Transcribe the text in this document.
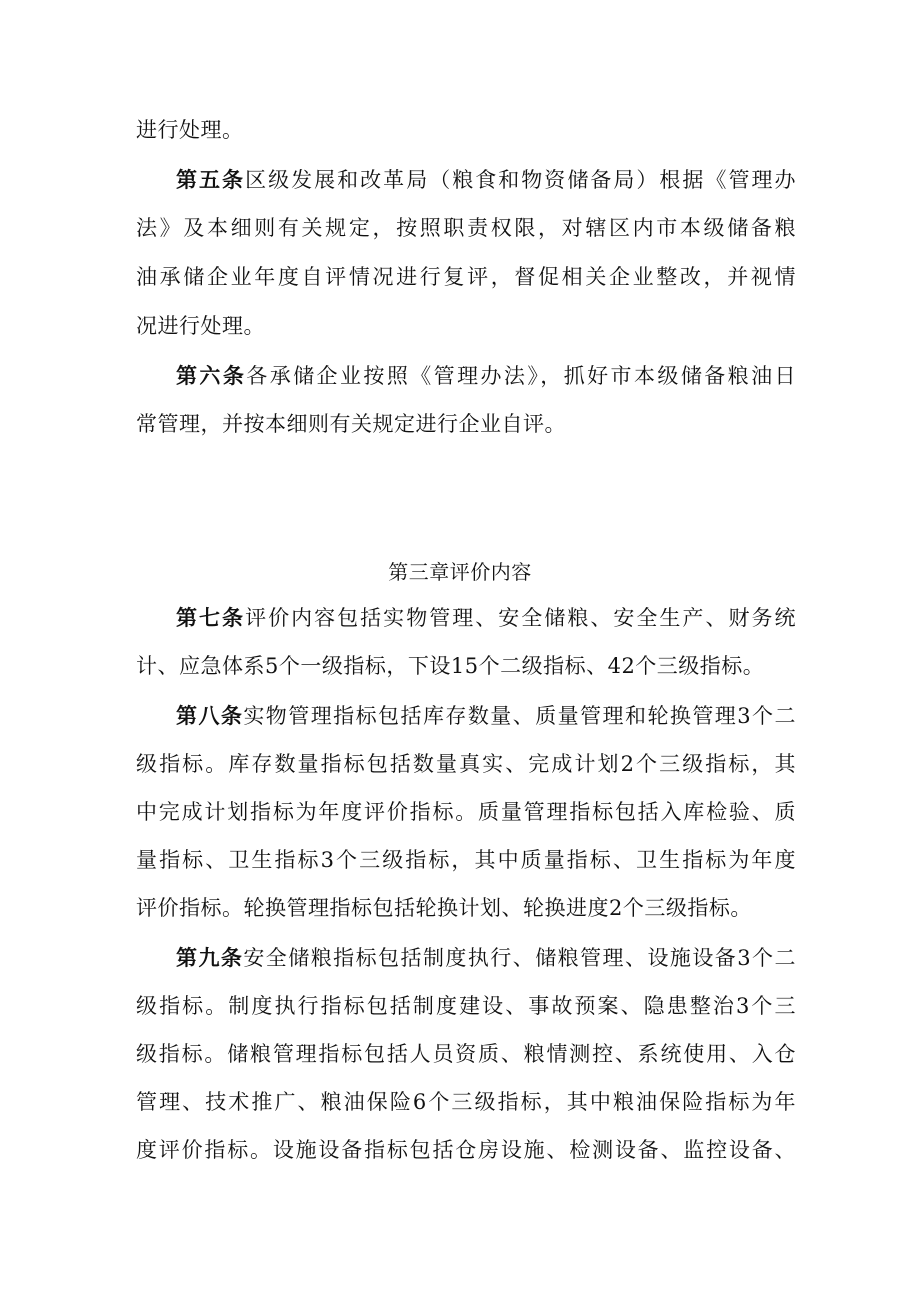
进行处理。
第五条区级发展和改革局（粮食和物资储备局）根据《管理办
法》及本细则有关规定，按照职责权限，对辖区内市本级储备粮
油承储企业年度自评情况进行复评，督促相关企业整改，并视情
况进行处理。
第六条各承储企业按照《管理办法》，抓好市本级储备粮油日
常管理，并按本细则有关规定进行企业自评。
第三章评价内容
第七条评价内容包括实物管理、安全储粮、安全生产、财务统
计、应急体系5个一级指标，下设15个二级指标、42个三级指标。
第八条实物管理指标包括库存数量、质量管理和轮换管理3个二
级指标。库存数量指标包括数量真实、完成计划2个三级指标，其
中完成计划指标为年度评价指标。质量管理指标包括入库检验、质
量指标、卫生指标3个三级指标，其中质量指标、卫生指标为年度
评价指标。轮换管理指标包括轮换计划、轮换进度2个三级指标。
第九条安全储粮指标包括制度执行、储粮管理、设施设备3个二
级指标。制度执行指标包括制度建设、事故预案、隐患整治3个三
级指标。储粮管理指标包括人员资质、粮情测控、系统使用、入仓
管理、技术推广、粮油保险6个三级指标，其中粮油保险指标为年
度评价指标。设施设备指标包括仓房设施、检测设备、监控设备、
